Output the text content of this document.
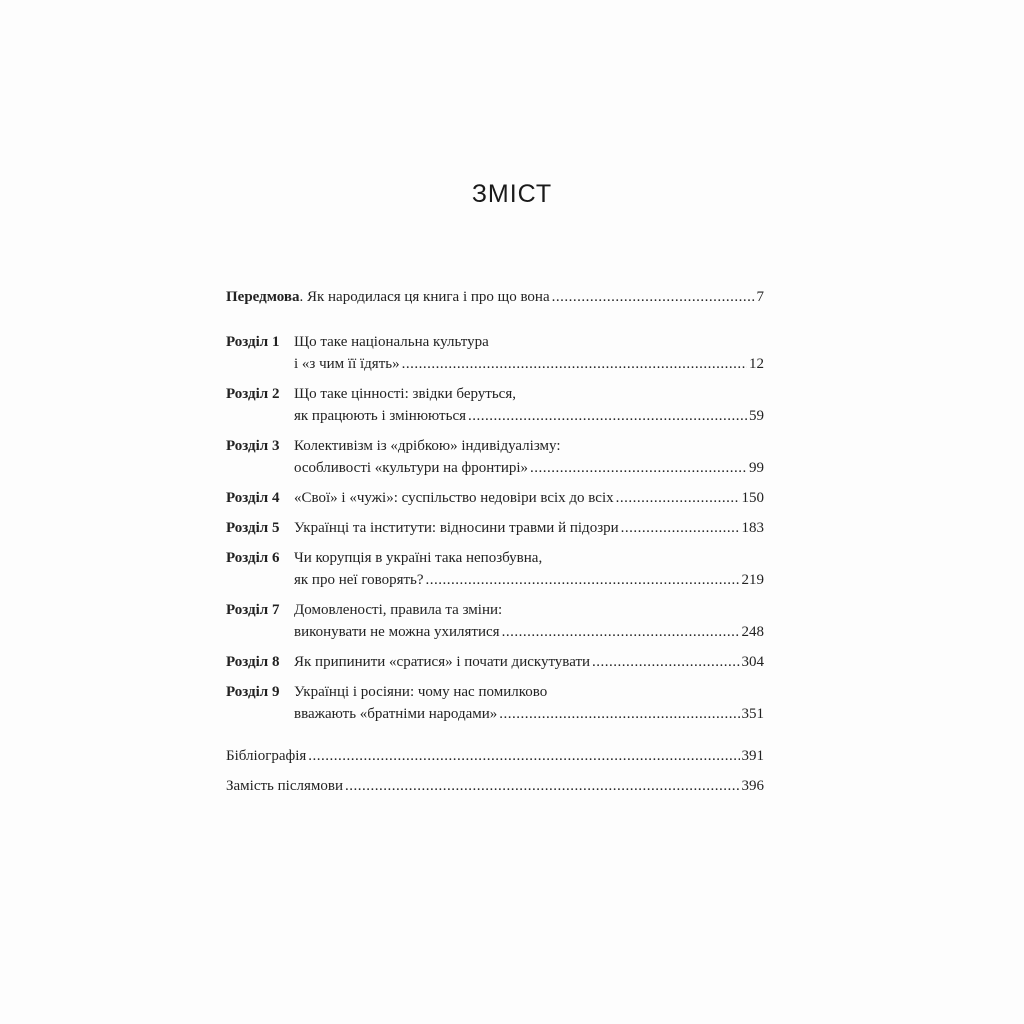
ЗМІСТ
Передмова. Як народилася ця книга і про що вона .....	7
Розділ 1 Що таке національна культура
і «з чим її їдять» .....	12
Розділ 2 Що таке цінності: звідки беруться,
як працюють і змінюються .....	59
Розділ 3 Колективізм із «дрібкою» індивідуалізму:
особливості «культури на фронтирі» .....	99
Розділ 4 «Свої» і «чужі»: суспільство недовіри всіх до всіх .....	150
Розділ 5 Українці та інститути: відносини травми й підозри .....	183
Розділ 6 Чи корупція в україні така непозбувна,
як про неї говорять? .....	219
Розділ 7 Домовленості, правила та зміни:
виконувати не можна ухилятися .....	248
Розділ 8 Як припинити «сратися» і почати дискутувати .....	304
Розділ 9 Українці і росіяни: чому нас помилково
вважають «братніми народами» .....	351
Бібліографія .....	391
Замість післямови .....	396
